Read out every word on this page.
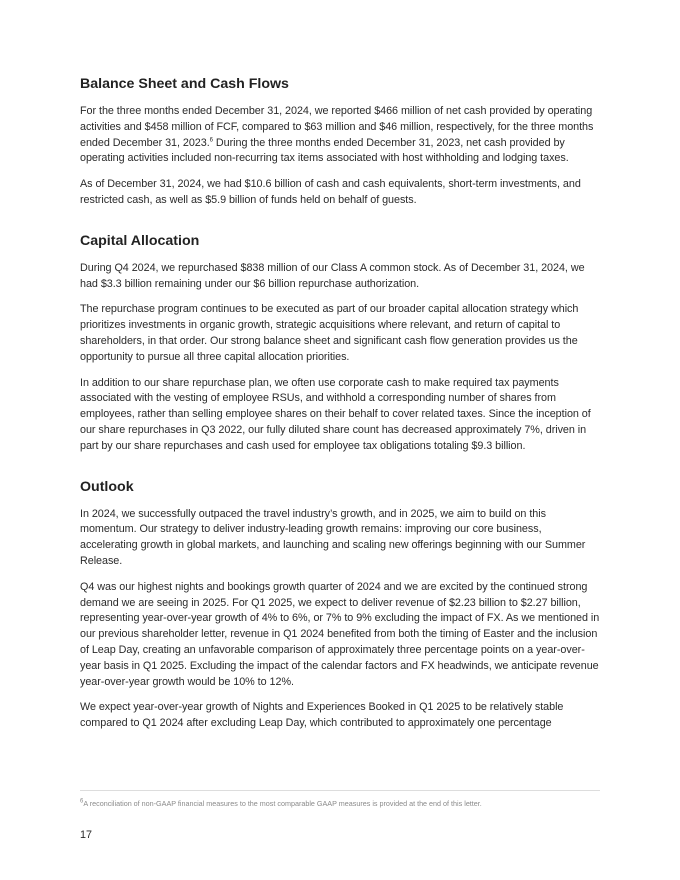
Balance Sheet and Cash Flows

For the three months ended December 31, 2024, we reported $466 million of net cash provided by operating activities and $458 million of FCF, compared to $63 million and $46 million, respectively, for the three months ended December 31, 2023.$^6$ During the three months ended December 31, 2023, net cash provided by operating activities included non-recurring tax items associated with host withholding and lodging taxes.

As of December 31, 2024, we had $10.6 billion of cash and cash equivalents, short-term investments, and restricted cash, as well as $5.9 billion of funds held on behalf of guests.

Capital Allocation

During Q4 2024, we repurchased $838 million of our Class A common stock. As of December 31, 2024, we had $3.3 billion remaining under our $6 billion repurchase authorization.

The repurchase program continues to be executed as part of our broader capital allocation strategy which prioritizes investments in organic growth, strategic acquisitions where relevant, and return of capital to shareholders, in that order. Our strong balance sheet and significant cash flow generation provides us the opportunity to pursue all three capital allocation priorities.

In addition to our share repurchase plan, we often use corporate cash to make required tax payments associated with the vesting of employee RSUs, and withhold a corresponding number of shares from employees, rather than selling employee shares on their behalf to cover related taxes. Since the inception of our share repurchases in Q3 2022, our fully diluted share count has decreased approximately 7%, driven in part by our share repurchases and cash used for employee tax obligations totaling $9.3 billion.

Outlook

In 2024, we successfully outpaced the travel industry’s growth, and in 2025, we aim to build on this momentum. Our strategy to deliver industry-leading growth remains: improving our core business, accelerating growth in global markets, and launching and scaling new offerings beginning with our Summer Release.

Q4 was our highest nights and bookings growth quarter of 2024 and we are excited by the continued strong demand we are seeing in 2025. For Q1 2025, we expect to deliver revenue of $2.23 billion to $2.27 billion, representing year-over-year growth of 4% to 6%, or 7% to 9% excluding the impact of FX. As we mentioned in our previous shareholder letter, revenue in Q1 2024 benefited from both the timing of Easter and the inclusion of Leap Day, creating an unfavorable comparison of approximately three percentage points on a year-over-year basis in Q1 2025. Excluding the impact of the calendar factors and FX headwinds, we anticipate revenue year-over-year growth would be 10% to 12%.

We expect year-over-year growth of Nights and Experiences Booked in Q1 2025 to be relatively stable compared to Q1 2024 after excluding Leap Day, which contributed to approximately one percentage

$^6$A reconciliation of non-GAAP financial measures to the most comparable GAAP measures is provided at the end of this letter.
17
